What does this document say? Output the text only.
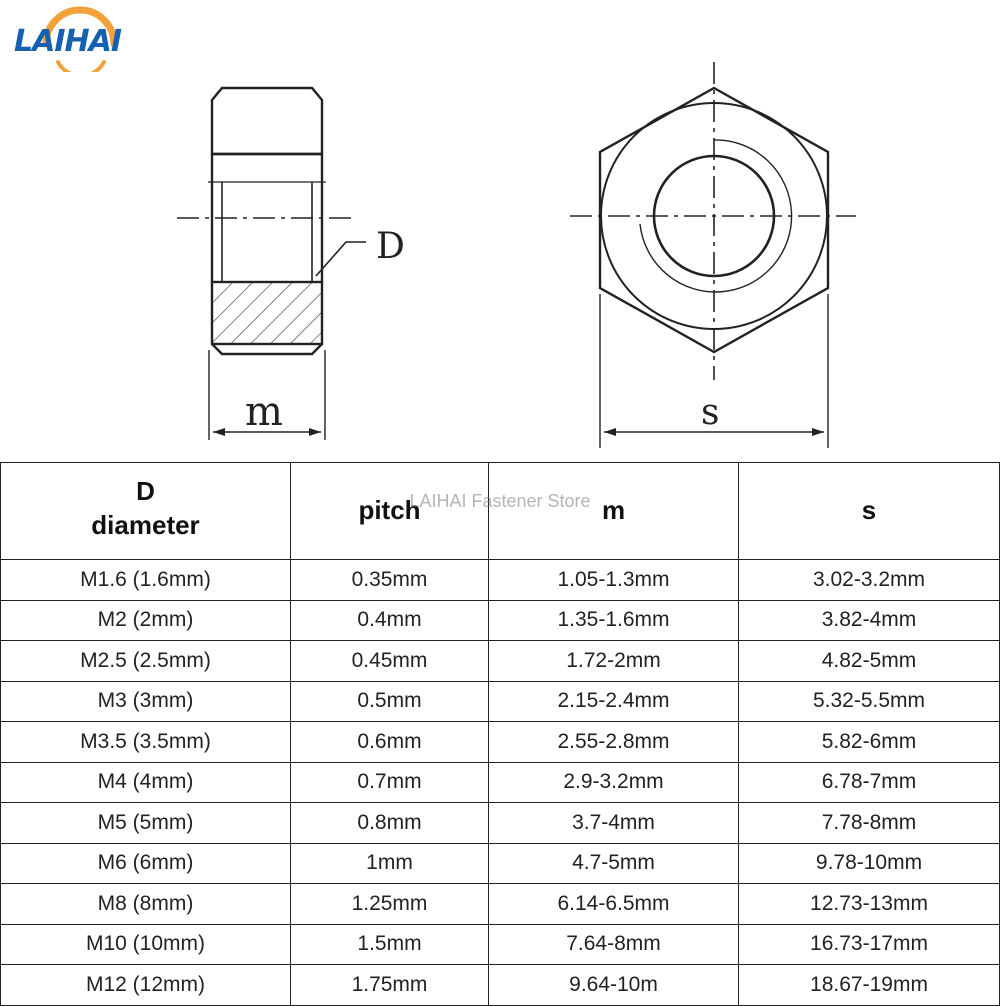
LAIHAI
D
m	s
D
diameter	pitch	m	s
M1.6 (1.6mm)	0.35mm	1.05-1.3mm	3.02-3.2mm
M2 (2mm)	0.4mm	1.35-1.6mm	3.82-4mm
M2.5 (2.5mm)	0.45mm	1.72-2mm	4.82-5mm
M3 (3mm)	0.5mm	2.15-2.4mm	5.32-5.5mm
M3.5 (3.5mm)	0.6mm	2.55-2.8mm	5.82-6mm
M4 (4mm)	0.7mm	2.9-3.2mm	6.78-7mm
M5 (5mm)	0.8mm	3.7-4mm	7.78-8mm
M6 (6mm)	1mm	4.7-5mm	9.78-10mm
M8 (8mm)	1.25mm	6.14-6.5mm	12.73-13mm
M10 (10mm)	1.5mm	7.64-8mm	16.73-17mm
M12 (12mm)	1.75mm	9.64-10m	18.67-19mm
LAIHAI Fastener Store
